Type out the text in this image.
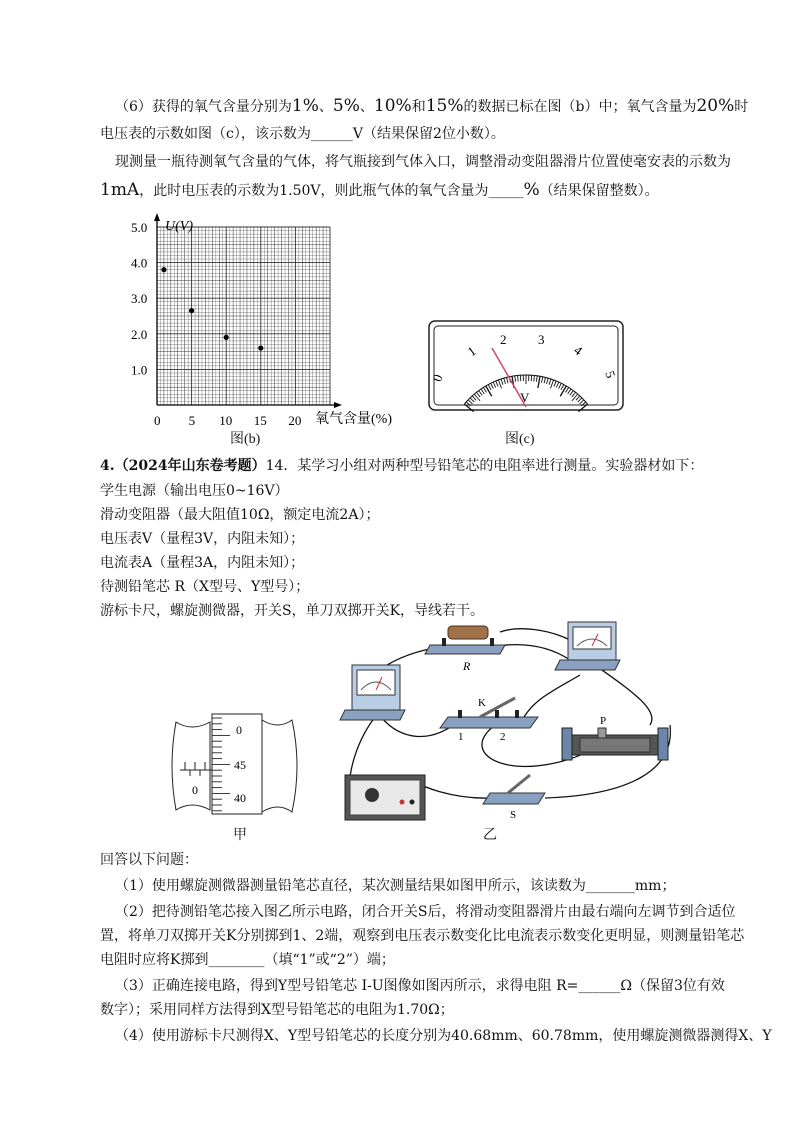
（6）获得的氧气含量分别为1%、5%、10%和15%的数据已标在图（b）中；氧气含量为20%时
电压表的示数如图（c），该示数为______V（结果保留2位小数）。
现测量一瓶待测氧气含量的气体，将气瓶接到气体入口，调整滑动变阻器滑片位置使毫安表的示数为
1mA，此时电压表的示数为1.50V，则此瓶气体的氧气含量为_____%（结果保留整数）。
5.0
4.0
3.0
2.0
1.0
0 5 10 15 20
U(V)
氧气含量(%)
图(b)
V
0
1
2 3
4
5
图(c)
4.（2024年山东卷考题）14．某学习小组对两种型号铅笔芯的电阻率进行测量。实验器材如下：
学生电源（输出电压0~16V）
滑动变阻器（最大阻值10Ω，额定电流2A）；
电压表V（量程3V，内阻未知）；
电流表A（量程3A，内阻未知）；
待测铅笔芯 R（X型号、Y型号）；
游标卡尺，螺旋测微器，开关S，单刀双掷开关K，导线若干。
0
0
45
40
甲
R
K
1	2
P
S
乙
回答以下问题：
（1）使用螺旋测微器测量铅笔芯直径，某次测量结果如图甲所示，该读数为_______mm；
（2）把待测铅笔芯接入图乙所示电路，闭合开关S后，将滑动变阻器滑片由最右端向左调节到合适位
置，将单刀双掷开关K分别掷到1、2端，观察到电压表示数变化比电流表示数变化更明显，则测量铅笔芯
电阻时应将K掷到________（填“1”或“2”）端；
（3）正确连接电路，得到Y型号铅笔芯 I-U图像如图丙所示，求得电阻 R=______Ω（保留3位有效
数字）；采用同样方法得到X型号铅笔芯的电阻为1.70Ω；
（4）使用游标卡尺测得X、Y型号铅笔芯的长度分别为40.68mm、60.78mm，使用螺旋测微器测得X、Y
